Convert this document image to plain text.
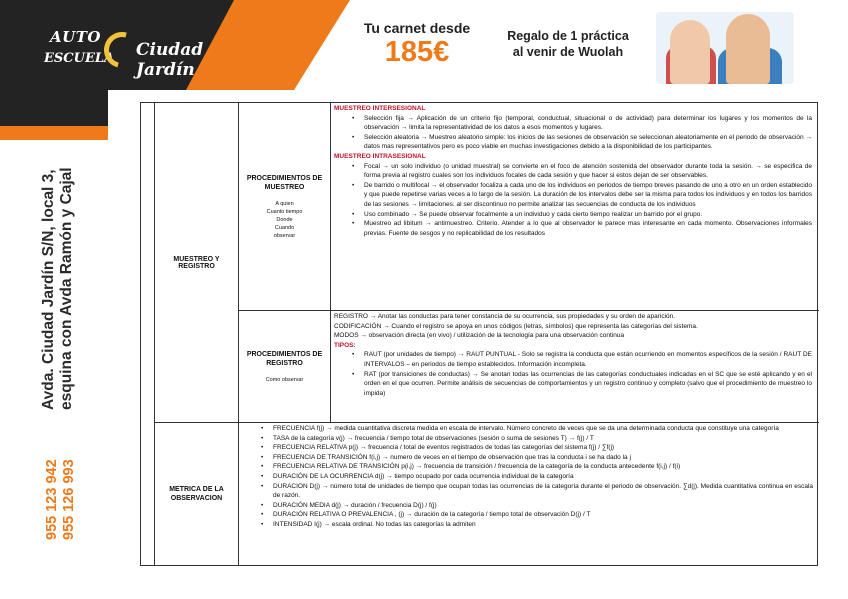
AUTO
ESCUELA Ciudad Jardín
Tu carnet desde
185€	Regalo de 1 práctica
al venir de Wuolah
Avda. Ciudad Jardín S/N, local 3, esquina con Avda Ramón y Cajal
955 123 942 955 126 993
MUESTREO Y REGISTRO
PROCEDIMIENTOS DE MUESTREO
A quien
Cuanto tiempo
Donde
Cuando
observar
PROCEDIMIENTOS DE REGISTRO
Como observar
MUESTREO INTERSESIONAL
• Selección fija → Aplicación de un criterio fijo (temporal, conductual, situacional o de actividad) para determinar los lugares y los momentos de la observación → limita la representatividad de los datos a esos momentos y lugares.
• Selección aleatoria → Muestreo aleatorio simple: los inicios de las sesiones de observación se seleccionan aleatoriamente en el periodo de observación → datos mas representativos pero es poco viable en muchas investigaciones debido a la disponibilidad de los participantes.
MUESTREO INTRASESIONAL
• Focal → un solo individuo (o unidad muestral) se convierte en el foco de atención sostenida del observador durante toda la sesión. → se especifica de forma previa al registro cuales son los individuos focales de cada sesión y que hacer si estos dejan de ser observables.
• De barrido o multifocal → el observador focaliza a cada uno de los individuos en periodos de tiempo breves pasando de uno a otro en un orden establecido y que puede repetirse varias veces a lo largo de la sesión. La duración de los intervalos debe ser la misma para todos los individuos y en todos los barridos de las sesiones → limitaciones: al ser discontinuo no permite analizar las secuencias de conducta de los individuos
• Uso combinado → Se puede observar focalmente a un individuo y cada cierto tiempo realizar un barrido por el grupo.
• Muestreo ad libitum → antimuestreo. Criterio. Atender a lo que al observador le parece mas interesante en cada momento. Observaciones informales previas. Fuente de sesgos y no replicabilidad de los resultados
REGISTRO → Anotar las conductas para tener constancia de su ocurrencia, sus propiedades y su orden de aparición.
CODIFICACIÓN → Cuando el registro se apoya en unos códigos (letras, símbolos) que representa las categorías del sistema.
MODOS → observación directa (en vivo) / utilización de la tecnología para una observación continua
TIPOS:
• RAUT (por unidades de tiempo) → RAUT PUNTUAL - Solo se registra la conducta que están ocurriendo en momentos específicos de la sesión / RAUT DE INTERVALOS – en periodos de tiempo establecidos. Información incompleta.
• RAT (por transiciones de conductas) → Se anotan todas las ocurrencias de las categorías conductuales indicadas en el SC que se esté aplicando y en el orden en el que ocurren. Permite análisis de secuencias de comportamientos y un registro continuo y completo (salvo que el procedimiento de muestreo lo impida)
METRICA DE LA OBSERVACION
• FRECUENCIA f(j) → medida cuantitativa discreta medida en escala de intervalo. Número concreto de veces que se da una determinada conducta que constituye una categoría
• TASA de la categoría v(j) → frecuencia / tiempo total de observaciones (sesión o suma de sesiones T) → f(j) / T
• FRECUENCIA RELATIVA p(j) → frecuencia / total de eventos registrados de todas las categorías del sistema f(j) / ∑f(j)
• FRECUENCIA DE TRANSICIÓN f(i,j) → numero de veces en el tiempo de observación que tras la conducta i se ha dado la j
• FRECUENCIA RELATIVA DE TRANSICIÓN p(i,j) → frecuencia de transición / frecuencia de la categoría de la conducta antecedente f(i,j) / f(i)
• DURACIÓN DE LA OCURRENCIA d(j) → tiempo ocupado por cada ocurrencia individual de la categoría
• DURACION D(j) → número total de unidades de tiempo que ocupan todas las ocurrencias de la categoría durante el periodo de observación. ∑d(j). Medida cuantitativa continua en escala de razón.
• DURACIÓN MEDIA d(j) → duración / frecuencia D(j) / f(j)
• DURACIÓN RELATIVA O PREVALENCIA , (j) → duración de la categoría / tiempo total de observación D(j) / T
• INTENSIDAD I(j) → escala ordinal. No todas las categorías la admiten
